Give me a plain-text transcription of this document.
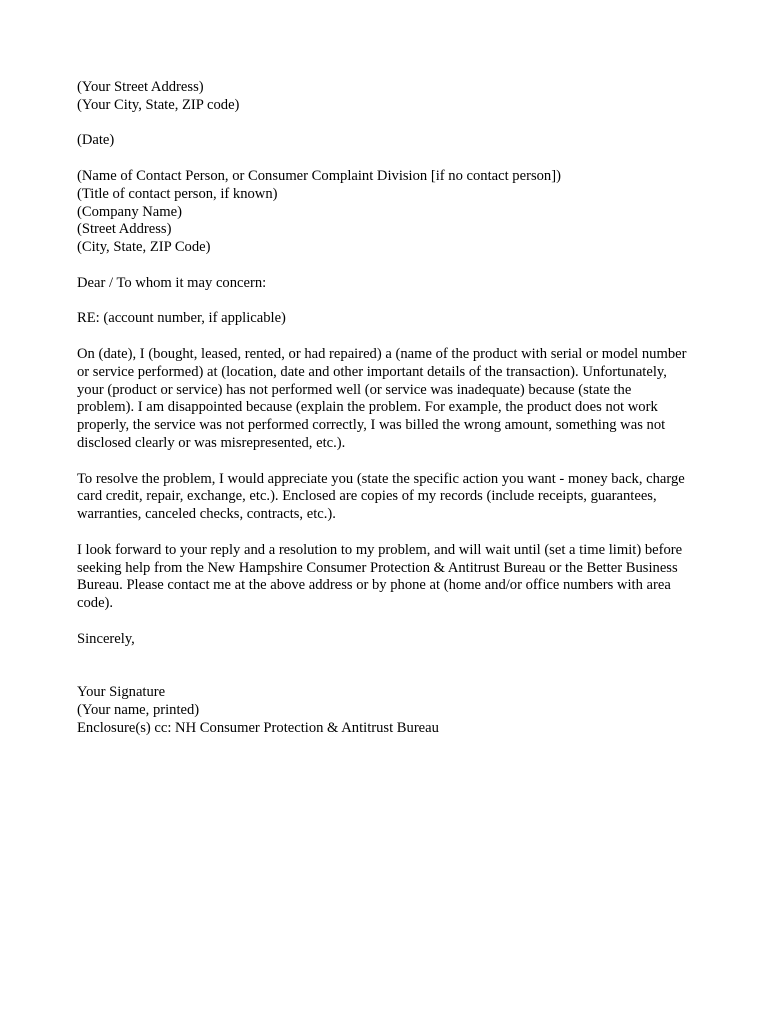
(Your Street Address)
(Your City, State, ZIP code)
(Date)
(Name of Contact Person, or Consumer Complaint Division [if no contact person])
(Title of contact person, if known)
(Company Name)
(Street Address)
(City, State, ZIP Code)
Dear / To whom it may concern:
RE: (account number, if applicable)

On (date), I (bought, leased, rented, or had repaired) a (name of the product with serial or model number or service performed) at (location, date and other important details of the transaction). Unfortunately, your (product or service) has not performed well (or service was inadequate) because (state the problem). I am disappointed because (explain the problem. For example, the product does not work properly, the service was not performed correctly, I was billed the wrong amount, something was not disclosed clearly or was misrepresented, etc.).

To resolve the problem, I would appreciate you (state the specific action you want - money back, charge card credit, repair, exchange, etc.). Enclosed are copies of my records (include receipts, guarantees, warranties, canceled checks, contracts, etc.).

I look forward to your reply and a resolution to my problem, and will wait until (set a time limit) before seeking help from the New Hampshire Consumer Protection & Antitrust Bureau or the Better Business Bureau. Please contact me at the above address or by phone at (home and/or office numbers with area code).

Sincerely,
Your Signature
(Your name, printed)
Enclosure(s) cc: NH Consumer Protection & Antitrust Bureau
